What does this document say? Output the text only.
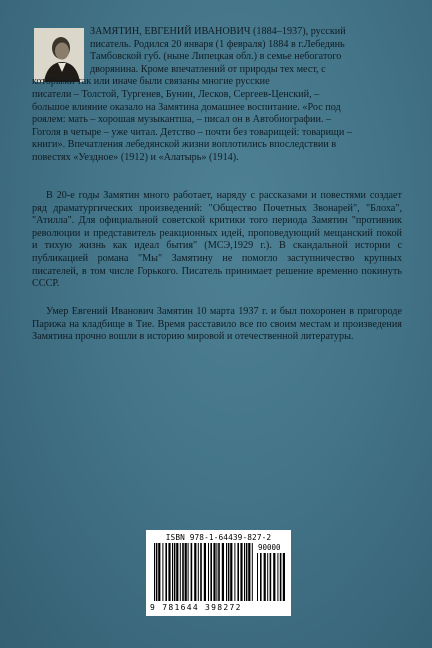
ЗАМЯТИН, ЕВГЕНИЙ ИВАНОВИЧ (1884–1937), русский
писатель. Родился 20 января (1 февраля) 1884 в г.Лебедянь
Тамбовской губ. (ныне Липецкая обл.) в семье небогатого
дворянина. Кроме впечатлений от природы тех мест, с
которыми так или иначе были связаны многие русские
писатели – Толстой, Тургенев, Бунин, Лесков, Сергеев-Ценский, –
большое влияние оказало на Замятина домашнее воспитание. «Рос под
роялем: мать – хорошая музыкантша, – писал он в Автобиографии. –
Гоголя в четыре – уже читал. Детство – почти без товарищей: товарищи –
книги». Впечатления лебедянской жизни воплотились впоследствии в
повестях «Уездное» (1912) и «Алатырь» (1914).
В 20-е годы Замятин много работает, наряду с рассказами и повестями создает ряд драматургических произведений: "Общество Почетных Звонарей", "Блоха", "Атилла". Для официальной советской критики того периода Замятин "противник революции и представитель реакционных идей, проповедующий мещанский покой и тихую жизнь как идеал бытия" (МСЭ,1929 г.). В скандальной истории с публикацией романа "Мы" Замятину не помогло заступничество крупных писателей, в том числе Горького. Писатель принимает решение временно покинуть СССР.
Умер Евгений Иванович Замятин 10 марта 1937 г. и был похоронен в пригороде Парижа на кладбище в Тие. Время расставило все по своим местам и произведения Замятина прочно вошли в историю мировой и отечественной литературы.
ISBN 978-1-64439-827-2
90000
9 781644 398272
